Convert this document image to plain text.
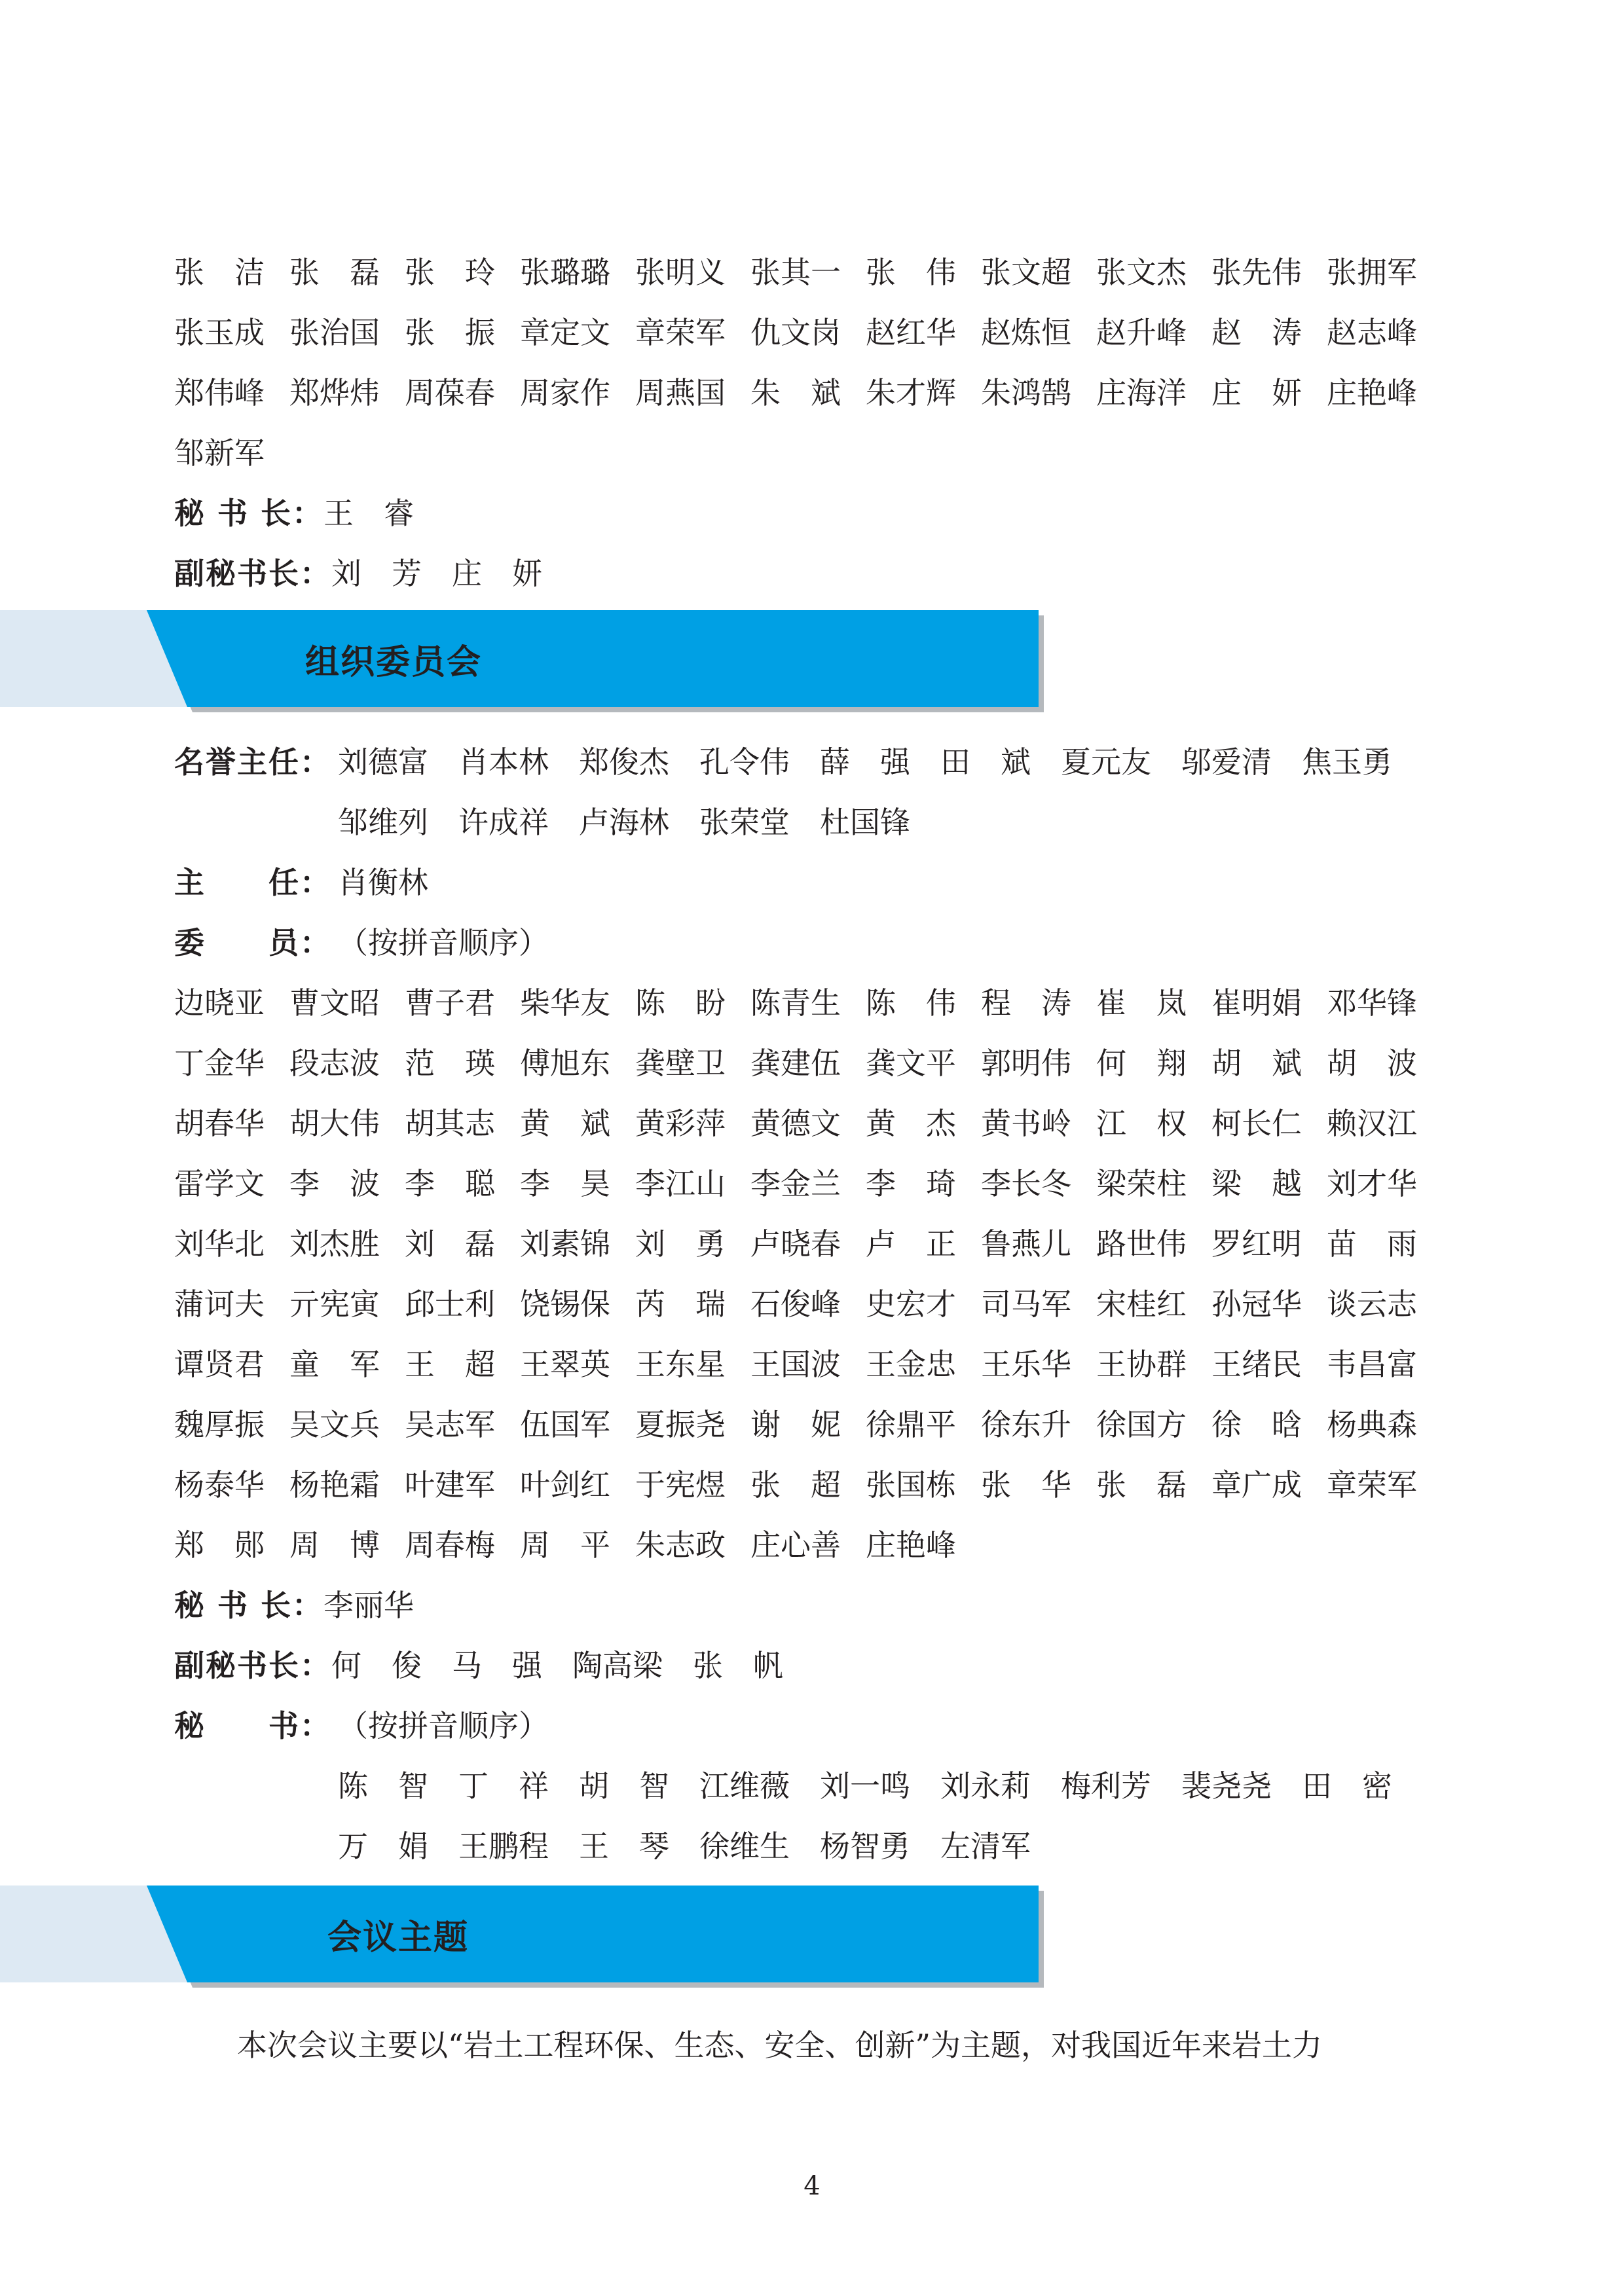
张　洁 张　磊 张　玲 张璐璐 张明义 张其一 张　伟 张文超 张文杰 张先伟 张拥军
张玉成 张治国 张　振 章定文 章荣军 仇文岗 赵红华 赵炼恒 赵升峰 赵　涛 赵志峰
郑伟峰 郑烨炜 周葆春 周家作 周燕国 朱　斌 朱才辉 朱鸿鹄 庄海洋 庄　妍 庄艳峰
邹新军
秘 书 长： 王　睿
副秘书长： 刘　芳　庄　妍
组织委员会
名誉主任： 刘德富　肖本林　郑俊杰　孔令伟　薛　强　田　斌　夏元友　邬爱清　焦玉勇
邹维列　许成祥　卢海林　张荣堂　杜国锋
主　　任： 肖衡林
委　　员： （按拼音顺序）
边晓亚 曹文昭 曹子君 柴华友 陈　盼 陈青生 陈　伟 程　涛 崔　岚 崔明娟 邓华锋
丁金华 段志波 范　瑛 傅旭东 龚壁卫 龚建伍 龚文平 郭明伟 何　翔 胡　斌 胡　波
胡春华 胡大伟 胡其志 黄　斌 黄彩萍 黄德文 黄　杰 黄书岭 江　权 柯长仁 赖汉江
雷学文 李　波 李　聪 李　昊 李江山 李金兰 李　琦 李长冬 梁荣柱 梁　越 刘才华
刘华北 刘杰胜 刘　磊 刘素锦 刘　勇 卢晓春 卢　正 鲁燕儿 路世伟 罗红明 苗　雨
蒲诃夫 亓宪寅 邱士利 饶锡保 芮　瑞 石俊峰 史宏才 司马军 宋桂红 孙冠华 谈云志
谭贤君 童　军 王　超 王翠英 王东星 王国波 王金忠 王乐华 王协群 王绪民 韦昌富
魏厚振 吴文兵 吴志军 伍国军 夏振尧 谢　妮 徐鼎平 徐东升 徐国方 徐　晗 杨典森
杨泰华 杨艳霜 叶建军 叶剑红 于宪煜 张　超 张国栋 张　华 张　磊 章广成 章荣军
郑　郧 周　博 周春梅 周　平 朱志政 庄心善 庄艳峰
秘 书 长： 李丽华
副秘书长： 何　俊　马　强　陶高梁　张　帆
秘　　书： （按拼音顺序）
陈　智　丁　祥　胡　智　江维薇　刘一鸣　刘永莉　梅利芳　裴尧尧　田　密
万　娟　王鹏程　王　琴　徐维生　杨智勇　左清军
会议主题
本次会议主要以“岩土工程环保、生态、安全、创新”为主题，对我国近年来岩土力
4
